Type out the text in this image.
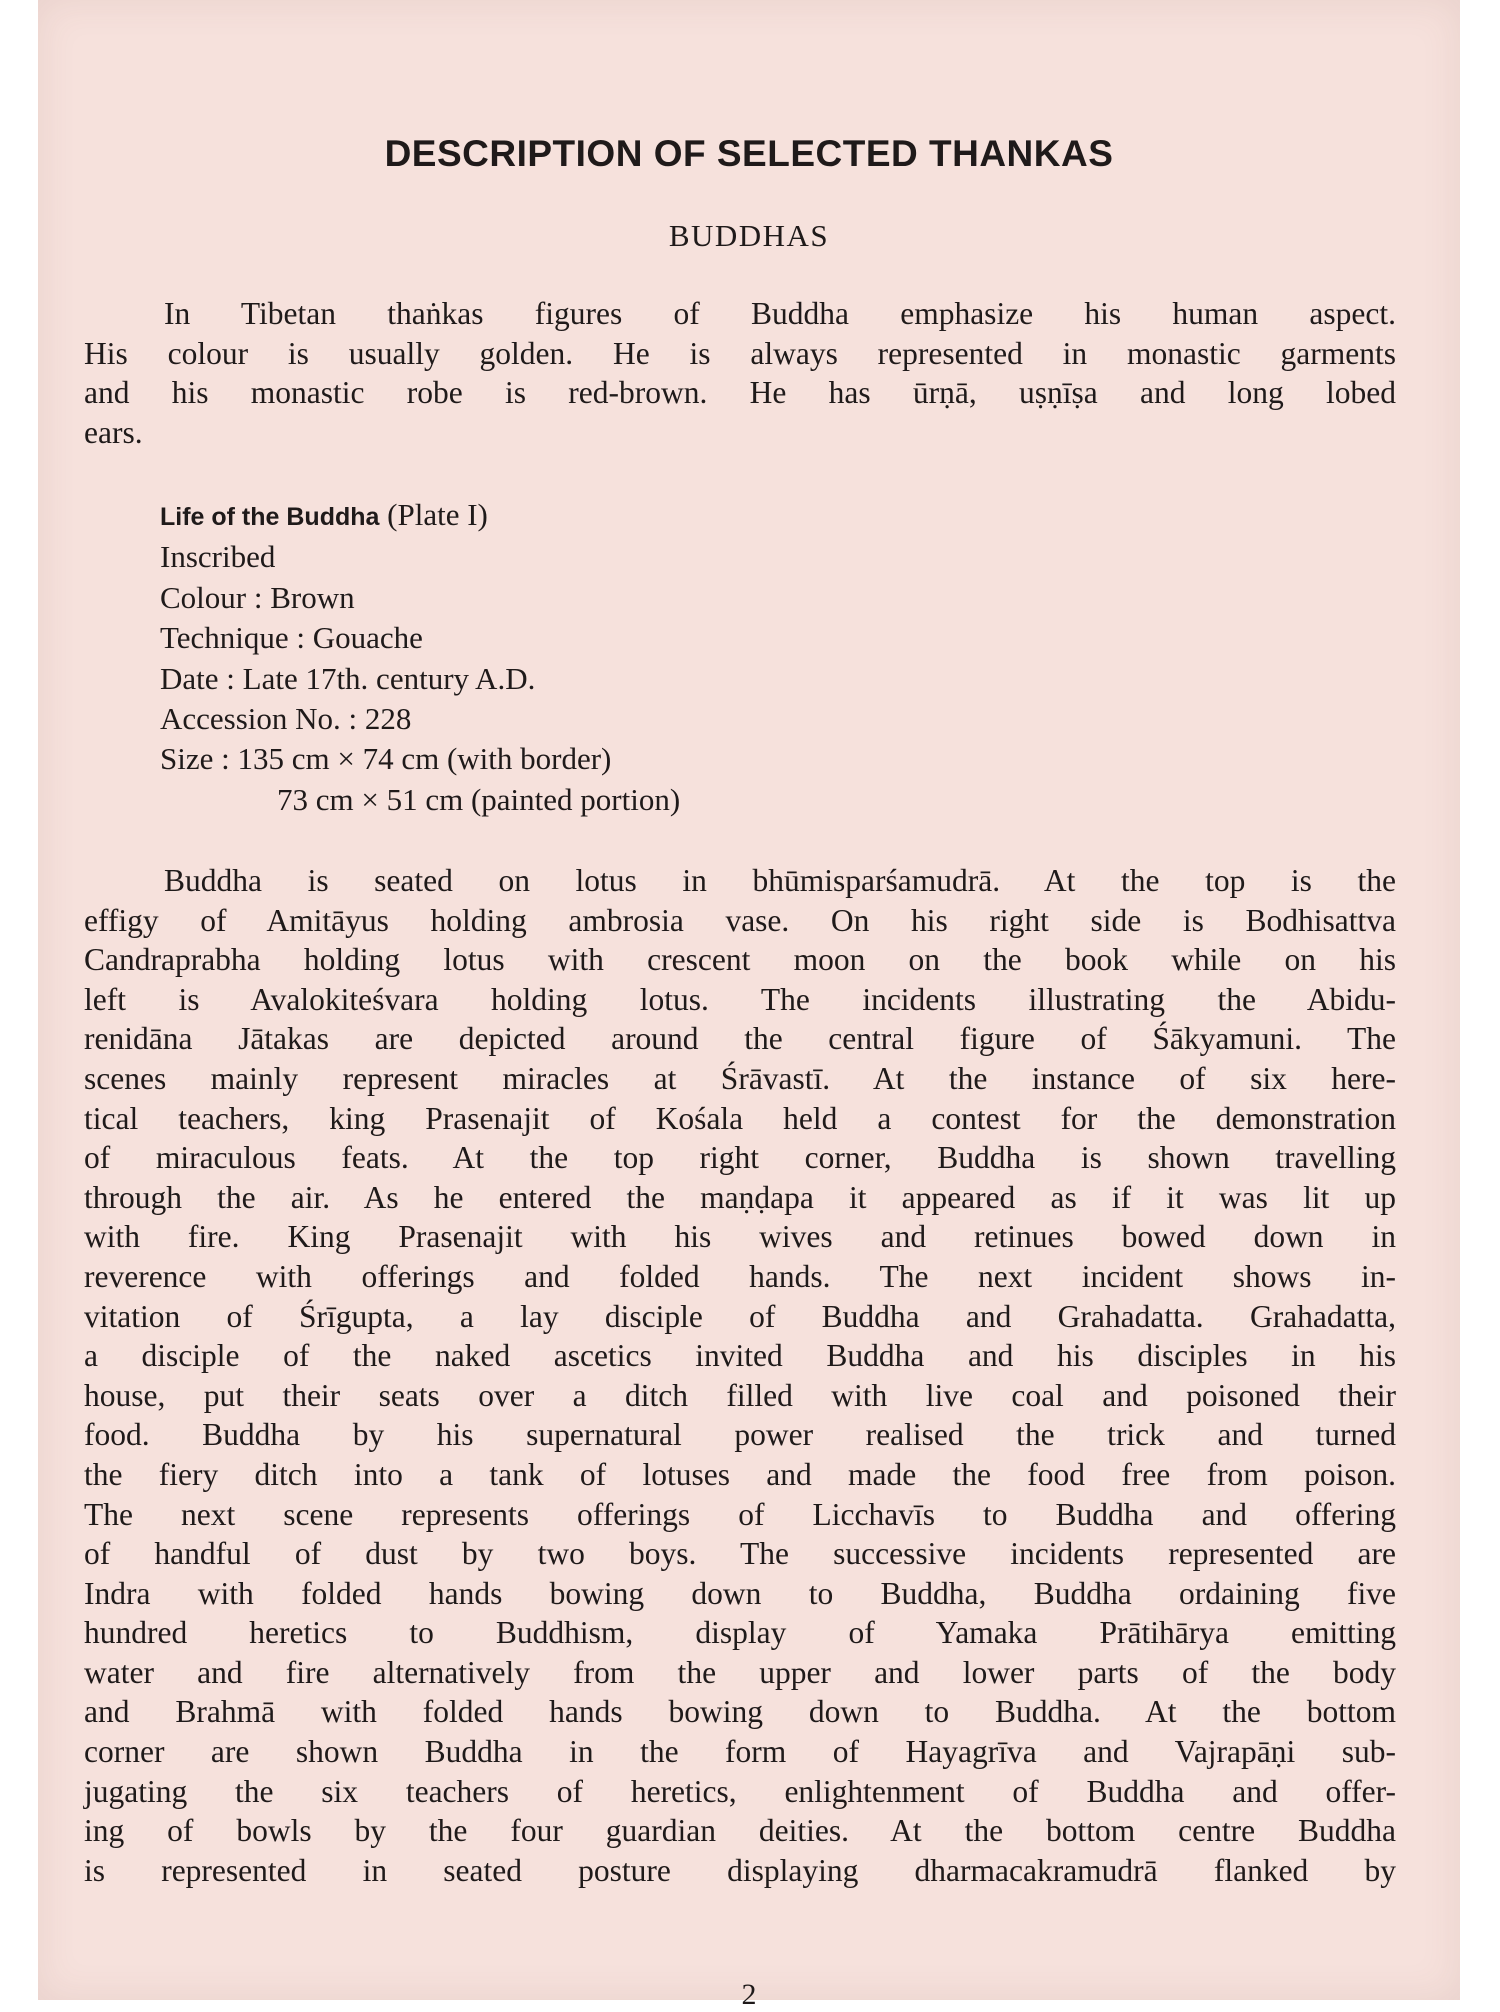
DESCRIPTION OF SELECTED THANKAS
BUDDHAS
In Tibetan thaṅkas figures of Buddha emphasize his human aspect.
His colour is usually golden. He is always represented in monastic garments
and his monastic robe is red-brown. He has ūrṇā, uṣṇīṣa and long lobed
ears.
Life of the Buddha (Plate I)
Inscribed
Colour : Brown
Technique : Gouache
Date : Late 17th. century A.D.
Accession No. : 228
Size : 135 cm × 74 cm (with border)
73 cm × 51 cm (painted portion)
Buddha is seated on lotus in bhūmisparśamudrā. At the top is the
effigy of Amitāyus holding ambrosia vase. On his right side is Bodhisattva
Candraprabha holding lotus with crescent moon on the book while on his
left is Avalokiteśvara holding lotus. The incidents illustrating the Abidu-
renidāna Jātakas are depicted around the central figure of Śākyamuni. The
scenes mainly represent miracles at Śrāvastī. At the instance of six here-
tical teachers, king Prasenajit of Kośala held a contest for the demonstration
of miraculous feats. At the top right corner, Buddha is shown travelling
through the air. As he entered the maṇḍapa it appeared as if it was lit up
with fire. King Prasenajit with his wives and retinues bowed down in
reverence with offerings and folded hands. The next incident shows in-
vitation of Śrīgupta, a lay disciple of Buddha and Grahadatta. Grahadatta,
a disciple of the naked ascetics invited Buddha and his disciples in his
house, put their seats over a ditch filled with live coal and poisoned their
food. Buddha by his supernatural power realised the trick and turned
the fiery ditch into a tank of lotuses and made the food free from poison.
The next scene represents offerings of Licchavīs to Buddha and offering
of handful of dust by two boys. The successive incidents represented are
Indra with folded hands bowing down to Buddha, Buddha ordaining five
hundred heretics to Buddhism, display of Yamaka Prātihārya emitting
water and fire alternatively from the upper and lower parts of the body
and Brahmā with folded hands bowing down to Buddha. At the bottom
corner are shown Buddha in the form of Hayagrīva and Vajrapāṇi sub-
jugating the six teachers of heretics, enlightenment of Buddha and offer-
ing of bowls by the four guardian deities. At the bottom centre Buddha
is represented in seated posture displaying dharmacakramudrā flanked by
2
